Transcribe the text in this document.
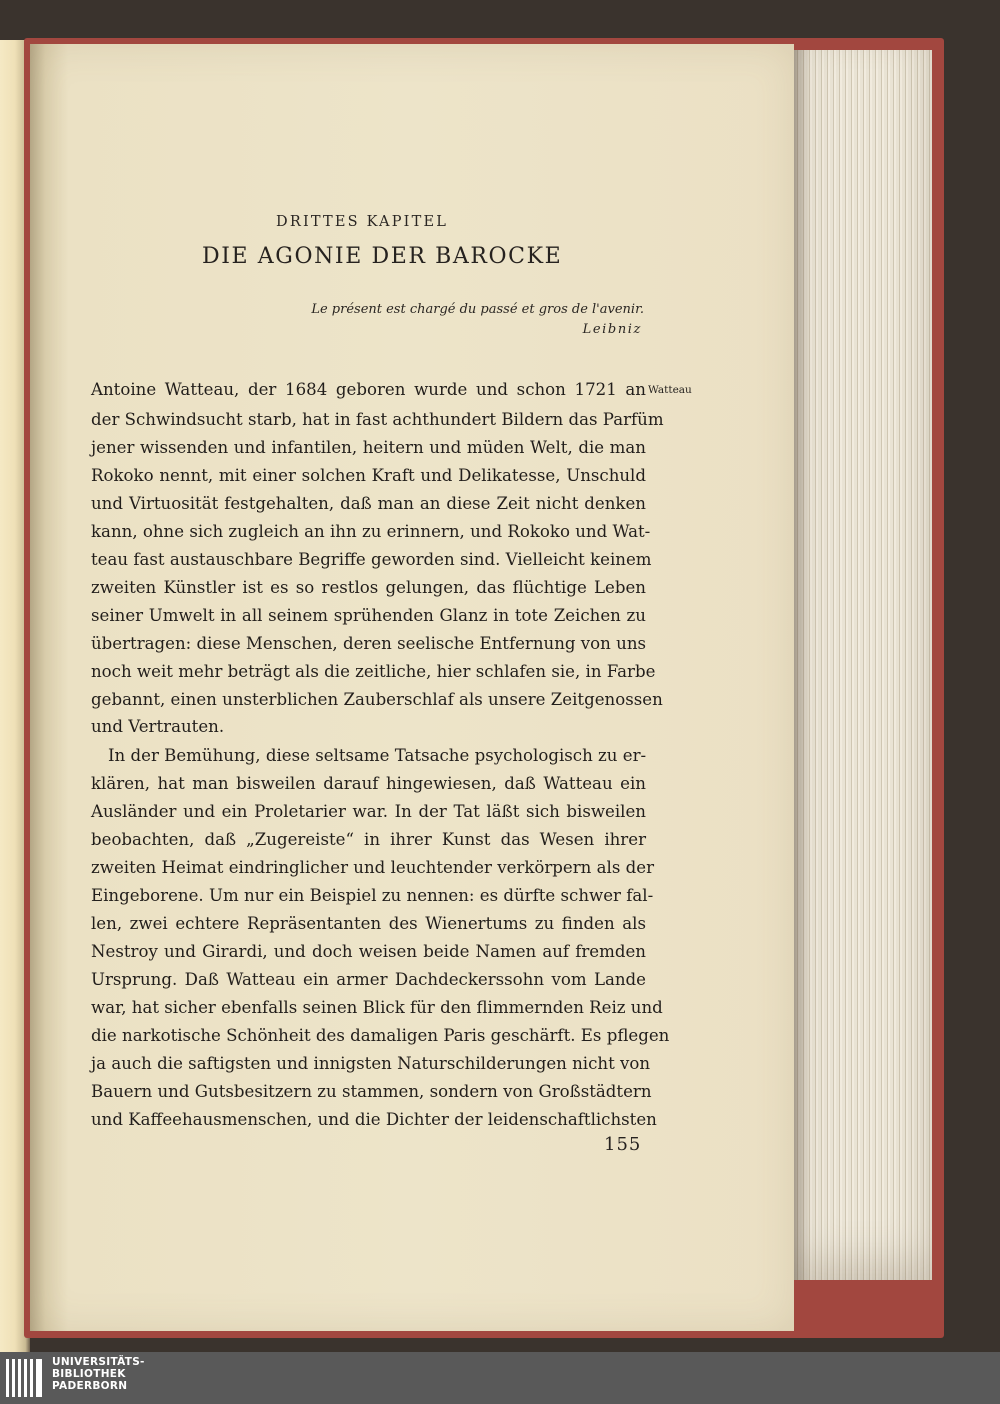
DRITTES KAPITEL
DIE AGONIE DER BAROCKE
Le présent est chargé du passé et gros de l'avenir.
Leibniz
Watteau
Antoine Watteau, der 1684 geboren wurde und schon 1721 an
der Schwindsucht starb, hat in fast achthundert Bildern das Parfüm
jener wissenden und infantilen, heitern und müden Welt, die man
Rokoko nennt, mit einer solchen Kraft und Delikatesse, Unschuld
und Virtuosität festgehalten, daß man an diese Zeit nicht denken
kann, ohne sich zugleich an ihn zu erinnern, und Rokoko und Wat-
teau fast austauschbare Begriffe geworden sind. Vielleicht keinem
zweiten Künstler ist es so restlos gelungen, das flüchtige Leben
seiner Umwelt in all seinem sprühenden Glanz in tote Zeichen zu
übertragen: diese Menschen, deren seelische Entfernung von uns
noch weit mehr beträgt als die zeitliche, hier schlafen sie, in Farbe
gebannt, einen unsterblichen Zauberschlaf als unsere Zeitgenossen
und Vertrauten.
In der Bemühung, diese seltsame Tatsache psychologisch zu er-
klären, hat man bisweilen darauf hingewiesen, daß Watteau ein
Ausländer und ein Proletarier war. In der Tat läßt sich bisweilen
beobachten, daß „Zugereiste“ in ihrer Kunst das Wesen ihrer
zweiten Heimat eindringlicher und leuchtender verkörpern als der
Eingeborene. Um nur ein Beispiel zu nennen: es dürfte schwer fal-
len, zwei echtere Repräsentanten des Wienertums zu finden als
Nestroy und Girardi, und doch weisen beide Namen auf fremden
Ursprung. Daß Watteau ein armer Dachdeckerssohn vom Lande
war, hat sicher ebenfalls seinen Blick für den flimmernden Reiz und
die narkotische Schönheit des damaligen Paris geschärft. Es pflegen
ja auch die saftigsten und innigsten Naturschilderungen nicht von
Bauern und Gutsbesitzern zu stammen, sondern von Großstädtern
und Kaffeehausmenschen, und die Dichter der leidenschaftlichsten
155
UNIVERSITÄTS-
BIBLIOTHEK
PADERBORN
